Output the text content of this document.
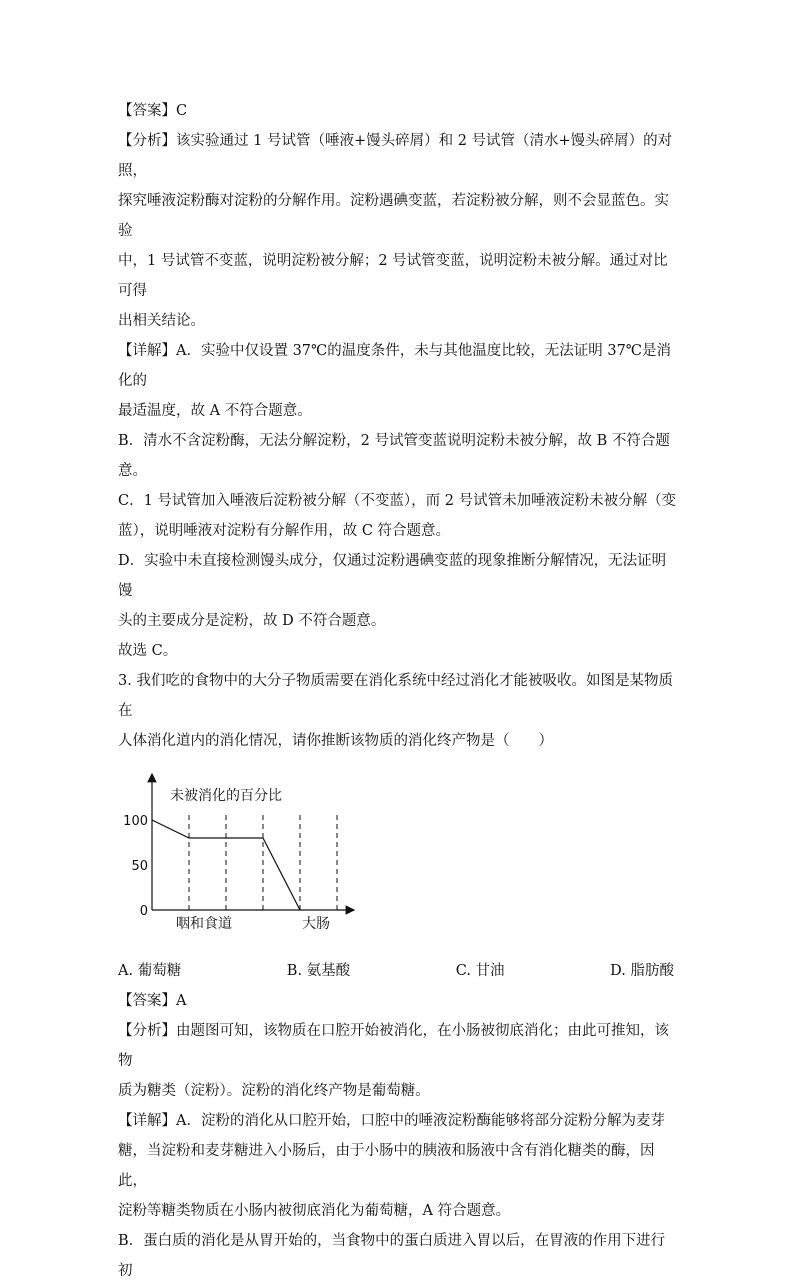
【答案】C

【分析】该实验通过 1 号试管（唾液+馒头碎屑）和 2 号试管（清水+馒头碎屑）的对照，

探究唾液淀粉酶对淀粉的分解作用。淀粉遇碘变蓝，若淀粉被分解，则不会显蓝色。实验

中，1 号试管不变蓝，说明淀粉被分解；2 号试管变蓝，说明淀粉未被分解。通过对比可得

出相关结论。

【详解】A．实验中仅设置 37℃的温度条件，未与其他温度比较，无法证明 37℃是消化的

最适温度，故 A 不符合题意。

B．清水不含淀粉酶，无法分解淀粉，2 号试管变蓝说明淀粉未被分解，故 B 不符合题

意。

C．1 号试管加入唾液后淀粉被分解（不变蓝），而 2 号试管未加唾液淀粉未被分解（变

蓝），说明唾液对淀粉有分解作用，故 C 符合题意。

D．实验中未直接检测馒头成分，仅通过淀粉遇碘变蓝的现象推断分解情况，无法证明馒

头的主要成分是淀粉，故 D 不符合题意。

故选 C。

3. 我们吃的食物中的大分子物质需要在消化系统中经过消化才能被吸收。如图是某物质在

人体消化道内的消化情况，请你推断该物质的消化终产物是（　　）

未被消化的百分比
100
50
0
咽和食道	大肠
A. 葡萄糖	B. 氨基酸	C. 甘油	D. 脂肪酸

【答案】A

【分析】由题图可知，该物质在口腔开始被消化，在小肠被彻底消化；由此可推知，该物

质为糖类（淀粉）。淀粉的消化终产物是葡萄糖。

【详解】A．淀粉的消化从口腔开始，口腔中的唾液淀粉酶能够将部分淀粉分解为麦芽

糖，当淀粉和麦芽糖进入小肠后，由于小肠中的胰液和肠液中含有消化糖类的酶，因此，

淀粉等糖类物质在小肠内被彻底消化为葡萄糖，A 符合题意。

B．蛋白质的消化是从胃开始的，当食物中的蛋白质进入胃以后，在胃液的作用下进行初
